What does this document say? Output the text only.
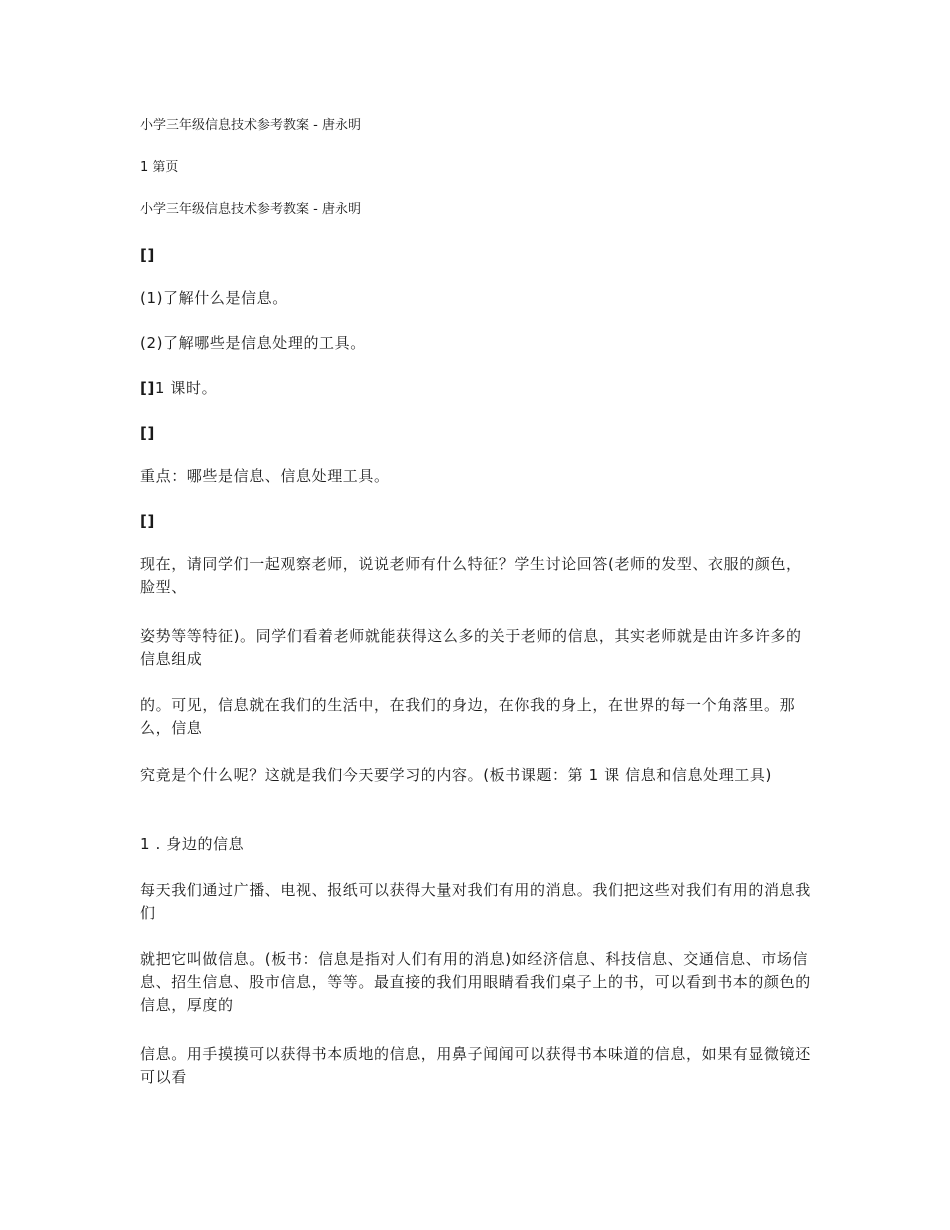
小学三年级信息技术参考教案 - 唐永明

1 第页

小学三年级信息技术参考教案 - 唐永明

[]

(1)了解什么是信息。

(2)了解哪些是信息处理的工具。

[]1 课时。

[]

重点：哪些是信息、信息处理工具。

[]

现在，请同学们一起观察老师，说说老师有什么特征？学生讨论回答(老师的发型、衣服的颜色，脸型、

姿势等等特征)。同学们看着老师就能获得这么多的关于老师的信息，其实老师就是由许多许多的信息组成

的。可见，信息就在我们的生活中，在我们的身边，在你我的身上，在世界的每一个角落里。那么，信息

究竟是个什么呢？这就是我们今天要学习的内容。(板书课题：第 1 课 信息和信息处理工具)

1 . 身边的信息

每天我们通过广播、电视、报纸可以获得大量对我们有用的消息。我们把这些对我们有用的消息我们

就把它叫做信息。(板书：信息是指对人们有用的消息)如经济信息、科技信息、交通信息、市场信息、招生信息、股市信息，等等。最直接的我们用眼睛看我们桌子上的书，可以看到书本的颜色的信息，厚度的

信息。用手摸摸可以获得书本质地的信息，用鼻子闻闻可以获得书本味道的信息，如果有显微镜还可以看
